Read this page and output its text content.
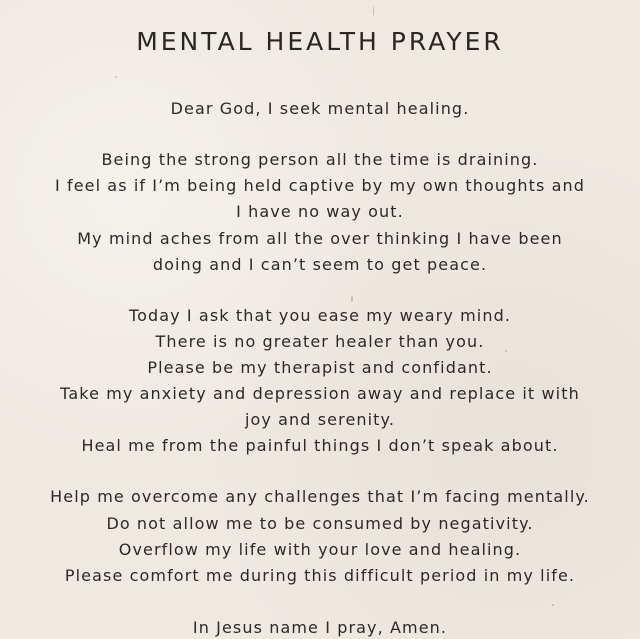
MENTAL HEALTH PRAYER
Dear God, I seek mental healing.
Being the strong person all the time is draining.
I feel as if I’m being held captive by my own thoughts and
I have no way out.
My mind aches from all the over thinking I have been
doing and I can’t seem to get peace.
Today I ask that you ease my weary mind.
There is no greater healer than you.
Please be my therapist and confidant.
Take my anxiety and depression away and replace it with
joy and serenity.
Heal me from the painful things I don’t speak about.
Help me overcome any challenges that I’m facing mentally.
Do not allow me to be consumed by negativity.
Overflow my life with your love and healing.
Please comfort me during this difficult period in my life.
In Jesus name I pray, Amen.
